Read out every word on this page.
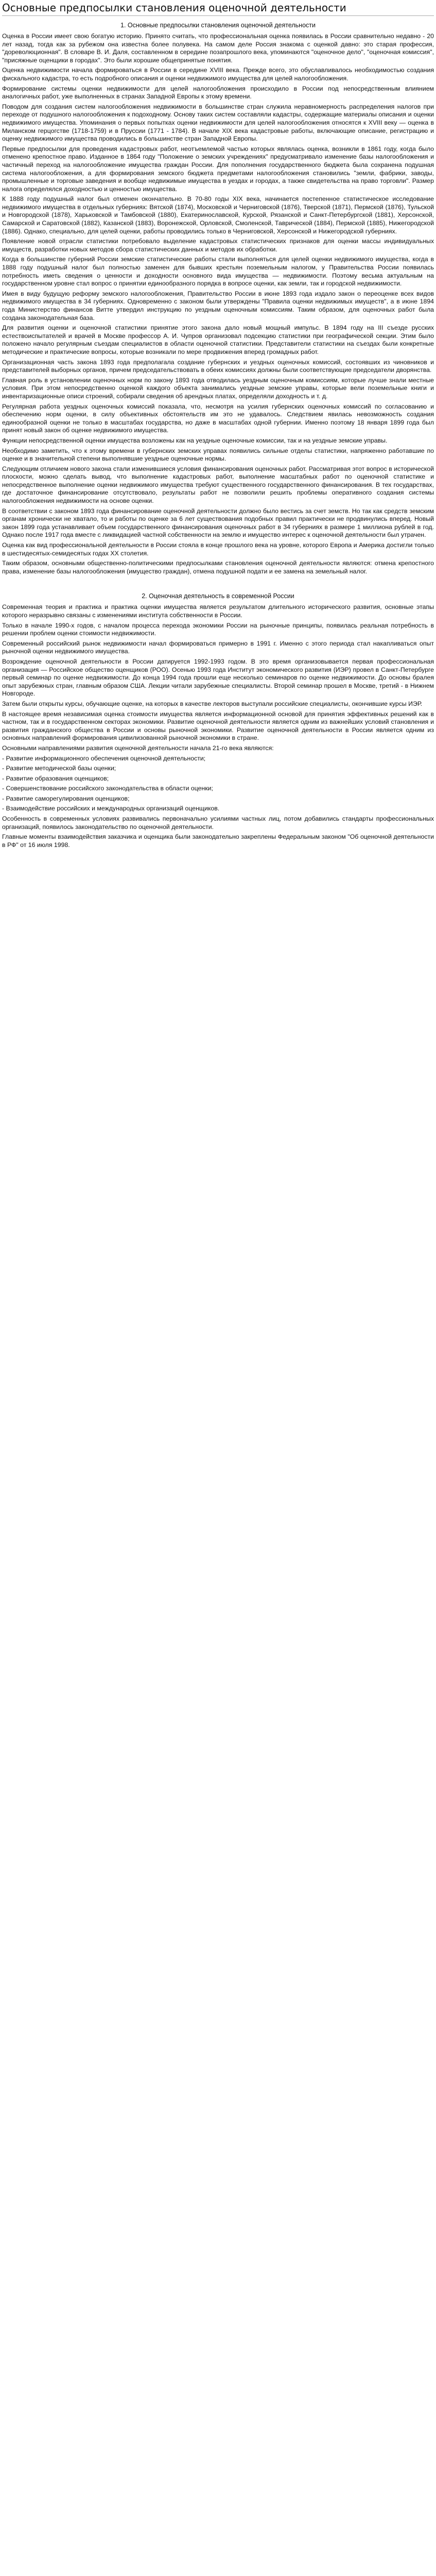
Основные предпосылки становления оценочной деятельности
1. Основные предпосылки становления оценочной деятельности

Оценка в России имеет свою богатую историю. Принято считать, что профессиональная оценка появилась в России сравнительно недавно - 20 лет назад, тогда как за рубежом она известна более полувека. На самом деле Россия знакома с оценкой давно: это старая профессия, "дореволюционная". В словаре В. И. Даля, составленном в середине позапрошлого века, упоминаются "оценочное дело", "оценочная комиссия", "присяжные оценщики в городах". Это были хорошие общепринятые понятия.

Оценка недвижимости начала формироваться в России в середине XVIII века. Прежде всего, это обуславливалось необходимостью создания фискального кадастра, то есть подробного описания и оценки недвижимого имущества для целей налогообложения.

Формирование системы оценки недвижимости для целей налогообложения происходило в России под непосредственным влиянием аналогичных работ, уже выполненных в странах Западной Европы к этому времени.

Поводом для создания систем налогообложения недвижимости в большинстве стран служила неравномерность распределения налогов при переходе от подушного налогообложения к подоходному. Основу таких систем составляли кадастры, содержащие материалы описания и оценки недвижимого имущества. Упоминания о первых попытках оценки недвижимости для целей налогообложения относятся к XVIII веку — оценка в Миланском герцогстве (1718-1759) и в Пруссии (1771 - 1784). В начале XIX века кадастровые работы, включающие описание, регистрацию и оценку недвижимого имущества проводились в большинстве стран Западной Европы.

Первые предпосылки для проведения кадастровых работ, неотъемлемой частью которых являлась оценка, возникли в 1861 году, когда было отменено крепостное право. Изданное в 1864 году "Положение о земских учреждениях" предусматривало изменение базы налогообложения и частичный переход на налогообложение имущества граждан России. Для пополнения государственного бюджета была сохранена подушная система налогообложения, а для формирования земского бюджета предметами налогообложения становились "земли, фабрики, заводы, промышленные и торговые заведения и вообще недвижимые имущества в уездах и городах, а также свидетельства на право торговли". Размер налога определялся доходностью и ценностью имущества.

К 1888 году подушный налог был отменен окончательно. В 70-80 годы XIX века, начинается постепенное статистическое исследование недвижимого имущества в отдельных губерниях: Вятской (1874), Московской и Черниговской (1876), Тверской (1871), Пермской (1876), Тульской и Новгородской (1878), Харьковской и Тамбовской (1880), Екатеринославской, Курской, Рязанской и Санкт-Петербургской (1881), Херсонской, Самарской и Саратовской (1882), Казанской (1883), Воронежской, Орловской, Смоленской, Таврической (1884), Пермской (1885), Нижегородской (1886). Однако, специально, для целей оценки, работы проводились только в Черниговской, Херсонской и Нижегородской губерниях.

Появление новой отрасли статистики потребовало выделение кадастровых статистических признаков для оценки массы индивидуальных имуществ, разработки новых методов сбора статистических данных и методов их обработки.

Когда в большинстве губерний России земские статистические работы стали выполняться для целей оценки недвижимого имущества, когда в 1888 году подушный налог был полностью заменен для бывших крестьян поземельным налогом, у Правительства России появилась потребность иметь сведения о ценности и доходности основного вида имущества — недвижимости. Поэтому весьма актуальным на государственном уровне стал вопрос о принятии единообразного порядка в вопросе оценки, как земли, так и городской недвижимости.

Имея в виду будущую реформу земского налогообложения, Правительство России в июне 1893 года издало закон о переоценке всех видов недвижимого имущества в 34 губерниях. Одновременно с законом были утверждены "Правила оценки недвижимых имуществ", а в июне 1894 года Министерство финансов Витте утвердил инструкцию по уездным оценочным комиссиям. Таким образом, для оценочных работ была создана законодательная база.

Для развития оценки и оценочной статистики принятие этого закона дало новый мощный импульс. В 1894 году на III съезде русских естествоиспытателей и врачей в Москве профессор А. И. Чупров организовал подсекцию статистики при географической секции. Этим было положено начало регулярным съездам специалистов в области оценочной статистики. Представители статистики на съездах были конкретные методические и практические вопросы, которые возникали по мере продвижения вперед громадных работ.

Организационная часть закона 1893 года предполагала создание губернских и уездных оценочных комиссий, состоявших из чиновников и представителей выборных органов, причем председательствовать в обеих комиссиях должны были соответствующие председатели дворянства.

Главная роль в установлении оценочных норм по закону 1893 года отводилась уездным оценочным комиссиям, которые лучше знали местные условия. При этом непосредственно оценкой каждого объекта занимались уездные земские управы, которые вели поземельные книги и инвентаризационные описи строений, собирали сведения об арендных платах, определяли доходность и т. д.

Регулярная работа уездных оценочных комиссий показала, что, несмотря на усилия губернских оценочных комиссий по согласованию и обеспечению норм оценки, в силу объективных обстоятельств им это не удавалось. Следствием явилась невозможность создания единообразной оценки не только в масштабах государства, но даже в масштабах одной губернии. Именно поэтому 18 января 1899 года был принят новый закон об оценке недвижимого имущества.

Функции непосредственной оценки имущества возложены как на уездные оценочные комиссии, так и на уездные земские управы.

Необходимо заметить, что к этому времени в губернских земских управах появились сильные отделы статистики, напряженно работавшие по оценке и в значительной степени выполнявшие уездные оценочные нормы.

Следующим отличием нового закона стали изменившиеся условия финансирования оценочных работ. Рассматривая этот вопрос в исторической плоскости, можно сделать вывод, что выполнение кадастровых работ, выполнение масштабных работ по оценочной статистике и непосредственное выполнение оценки недвижимого имущества требуют существенного государственного финансирования. В тех государствах, где достаточное финансирование отсутствовало, результаты работ не позволили решить проблемы оперативного создания системы налогообложения недвижимости на основе оценки.

В соответствии с законом 1893 года финансирование оценочной деятельности должно было вестись за счет земств. Но так как средств земским органам хронически не хватало, то и работы по оценке за 6 лет существования подобных правил практически не продвинулись вперед. Новый закон 1899 года устанавливает объем государственного финансирования оценочных работ в 34 губерниях в размере 1 миллиона рублей в год. Однако после 1917 года вместе с ликвидацией частной собственности на землю и имущество интерес к оценочной деятельности был утрачен.

Оценка как вид профессиональной деятельности в России стояла в конце прошлого века на уровне, которого Европа и Америка достигли только в шестидесятых-семидесятых годах XX столетия.

Таким образом, основными общественно-политическими предпосылками становления оценочной деятельности являются: отмена крепостного права, изменение базы налогообложения (имущество граждан), отмена подушной подати и ее замена на земельный налог.

2. Оценочная деятельность в современной России

Современная теория и практика и практика оценки имущества является результатом длительного исторического развития, основные этапы которого неразрывно связаны с изменениями института собственности в России.

Только в начале 1990-х годов, с началом процесса перехода экономики России на рыночные принципы, появилась реальная потребность в решении проблем оценки стоимости недвижимости.

Современный российский рынок недвижимости начал формироваться примерно в 1991 г. Именно с этого периода стал накапливаться опыт рыночной оценки недвижимого имущества.

Возрождение оценочной деятельности в России датируется 1992-1993 годом. В это время организовывается первая профессиональная организация — Российское общество оценщиков (РОО). Осенью 1993 года Институт экономического развития (ИЭР) провел в Санкт-Петербурге первый семинар по оценке недвижимости. До конца 1994 года прошли еще несколько семинаров по оценке недвижимости. До основы бралея опыт зарубежных стран, главным образом США. Лекции читали зарубежные специалисты. Второй семинар прошел в Москве, третий - в Нижнем Новгороде.

Затем были открыты курсы, обучающие оценке, на которых в качестве лекторов выступали российские специалисты, окончившие курсы ИЭР.

В настоящее время независимая оценка стоимости имущества является информационной основой для принятия эффективных решений как в частном, так и в государственном секторах экономики. Развитие оценочной деятельности является одним из важнейших условий становления и развития гражданского общества в России и основы рыночной экономики. Развитие оценочной деятельности в России является одним из основных направлений формирования цивилизованной рыночной экономики в стране.

Основными направлениями развития оценочной деятельности начала 21-го века являются:

- Развитие информационного обеспечения оценочной деятельности;

- Развитие методической базы оценки;

- Развитие образования оценщиков;

- Совершенствование российского законодательства в области оценки;

- Развитие саморегулирования оценщиков;

- Взаимодействие российских и международных организаций оценщиков.

Особенность в современных условиях развивались первоначально усилиями частных лиц, потом добавились стандарты профессиональных организаций, появилось законодательство по оценочной деятельности.

Главные моменты взаимодействия заказчика и оценщика были законодательно закреплены Федеральным законом "Об оценочной деятельности в РФ" от 16 июля 1998.
